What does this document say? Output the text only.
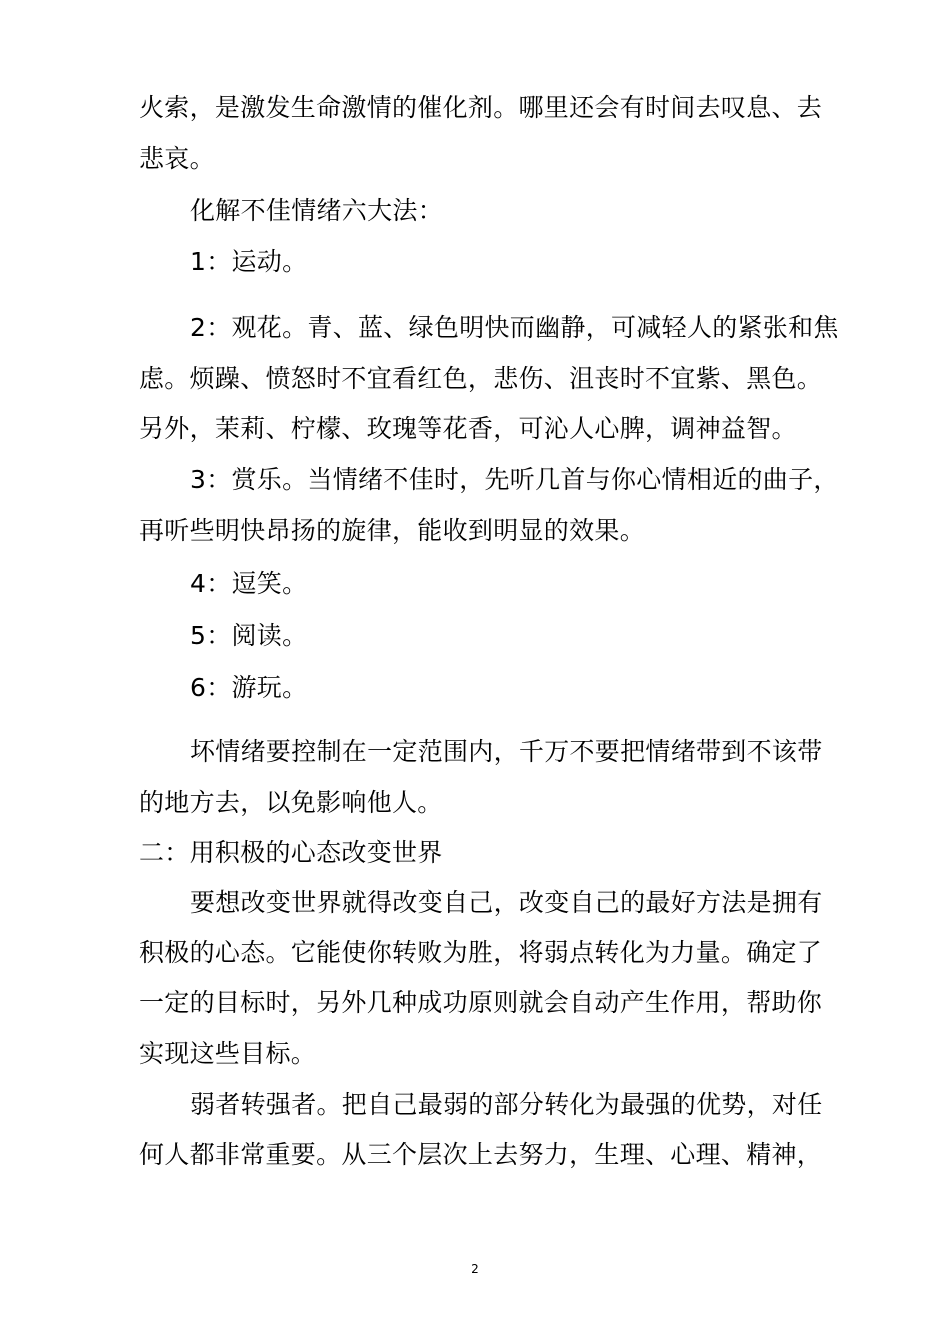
火索，是激发生命激情的催化剂。哪里还会有时间去叹息、去
悲哀。
化解不佳情绪六大法：
1：运动。
2：观花。青、蓝、绿色明快而幽静，可减轻人的紧张和焦
虑。烦躁、愤怒时不宜看红色，悲伤、沮丧时不宜紫、黑色。
另外，茉莉、柠檬、玫瑰等花香，可沁人心脾，调神益智。
3：赏乐。当情绪不佳时，先听几首与你心情相近的曲子，
再听些明快昂扬的旋律，能收到明显的效果。
4：逗笑。
5：阅读。
6：游玩。
坏情绪要控制在一定范围内，千万不要把情绪带到不该带
的地方去，以免影响他人。
二：用积极的心态改变世界
要想改变世界就得改变自己，改变自己的最好方法是拥有
积极的心态。它能使你转败为胜，将弱点转化为力量。确定了
一定的目标时，另外几种成功原则就会自动产生作用，帮助你
实现这些目标。
弱者转强者。把自己最弱的部分转化为最强的优势，对任
何人都非常重要。从三个层次上去努力，生理、心理、精神，
2
